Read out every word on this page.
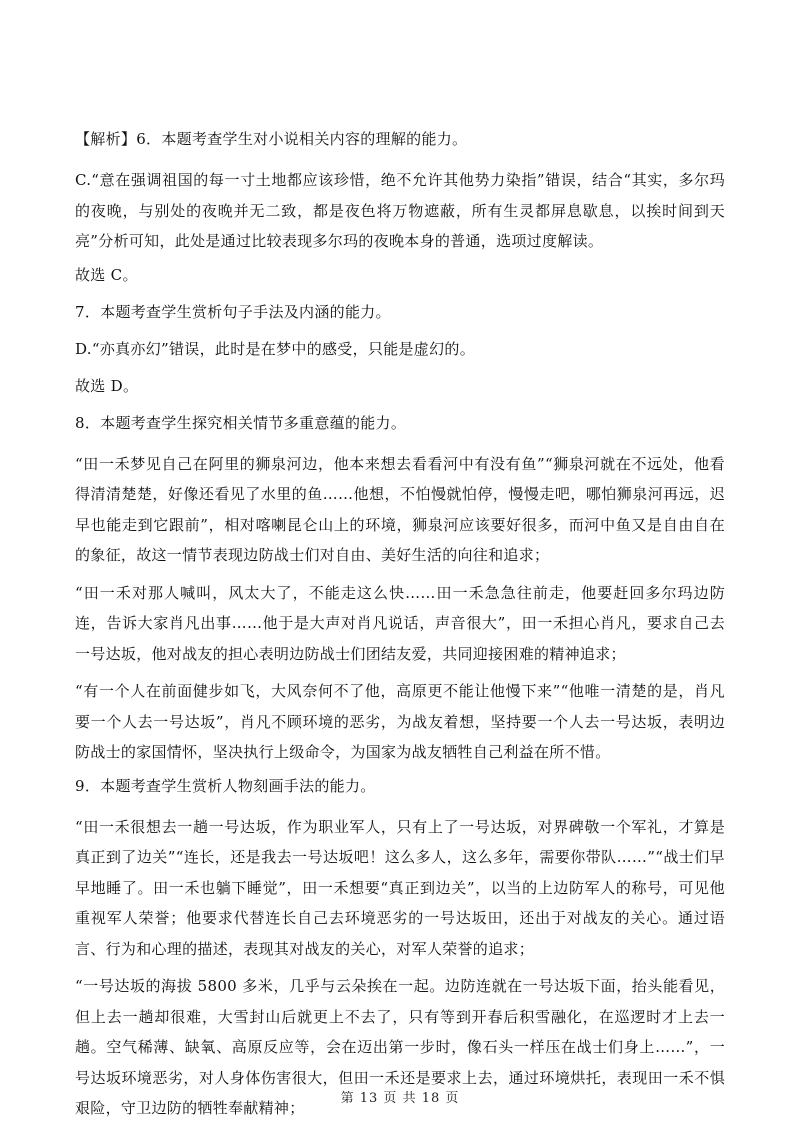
【解析】6．本题考查学生对小说相关内容的理解的能力。

C.“意在强调祖国的每一寸土地都应该珍惜，绝不允许其他势力染指”错误，结合“其实，多尔玛的夜晚，与别处的夜晚并无二致，都是夜色将万物遮蔽，所有生灵都屏息歇息，以挨时间到天亮”分析可知，此处是通过比较表现多尔玛的夜晚本身的普通，选项过度解读。

故选 C。

7．本题考查学生赏析句子手法及内涵的能力。

D.“亦真亦幻”错误，此时是在梦中的感受，只能是虚幻的。

故选 D。

8．本题考查学生探究相关情节多重意蕴的能力。

“田一禾梦见自己在阿里的狮泉河边，他本来想去看看河中有没有鱼”“狮泉河就在不远处，他看得清清楚楚，好像还看见了水里的鱼……他想，不怕慢就怕停，慢慢走吧，哪怕狮泉河再远，迟早也能走到它跟前”，相对喀喇昆仑山上的环境，狮泉河应该要好很多，而河中鱼又是自由自在的象征，故这一情节表现边防战士们对自由、美好生活的向往和追求；

“田一禾对那人喊叫，风太大了，不能走这么快……田一禾急急往前走，他要赶回多尔玛边防连，告诉大家肖凡出事……他于是大声对肖凡说话，声音很大”，田一禾担心肖凡，要求自己去一号达坂，他对战友的担心表明边防战士们团结友爱，共同迎接困难的精神追求；

“有一个人在前面健步如飞，大风奈何不了他，高原更不能让他慢下来”“他唯一清楚的是，肖凡要一个人去一号达坂”，肖凡不顾环境的恶劣，为战友着想，坚持要一个人去一号达坂，表明边防战士的家国情怀，坚决执行上级命令，为国家为战友牺牲自己利益在所不惜。

9．本题考查学生赏析人物刻画手法的能力。

“田一禾很想去一趟一号达坂，作为职业军人，只有上了一号达坂，对界碑敬一个军礼，才算是真正到了边关”“连长，还是我去一号达坂吧！这么多人，这么多年，需要你带队……”“战士们早早地睡了。田一禾也躺下睡觉”，田一禾想要“真正到边关”，以当的上边防军人的称号，可见他重视军人荣誉；他要求代替连长自己去环境恶劣的一号达坂田，还出于对战友的关心。通过语言、行为和心理的描述，表现其对战友的关心，对军人荣誉的追求；

“一号达坂的海拔 5800 多米，几乎与云朵挨在一起。边防连就在一号达坂下面，抬头能看见，但上去一趟却很难，大雪封山后就更上不去了，只有等到开春后积雪融化，在巡逻时才上去一趟。空气稀薄、缺氧、高原反应等，会在迈出第一步时，像石头一样压在战士们身上……”，一号达坂环境恶劣，对人身体伤害很大，但田一禾还是要求上去，通过环境烘托，表现田一禾不惧艰险，守卫边防的牺牲奉献精神；

第 13 页 共 18 页
